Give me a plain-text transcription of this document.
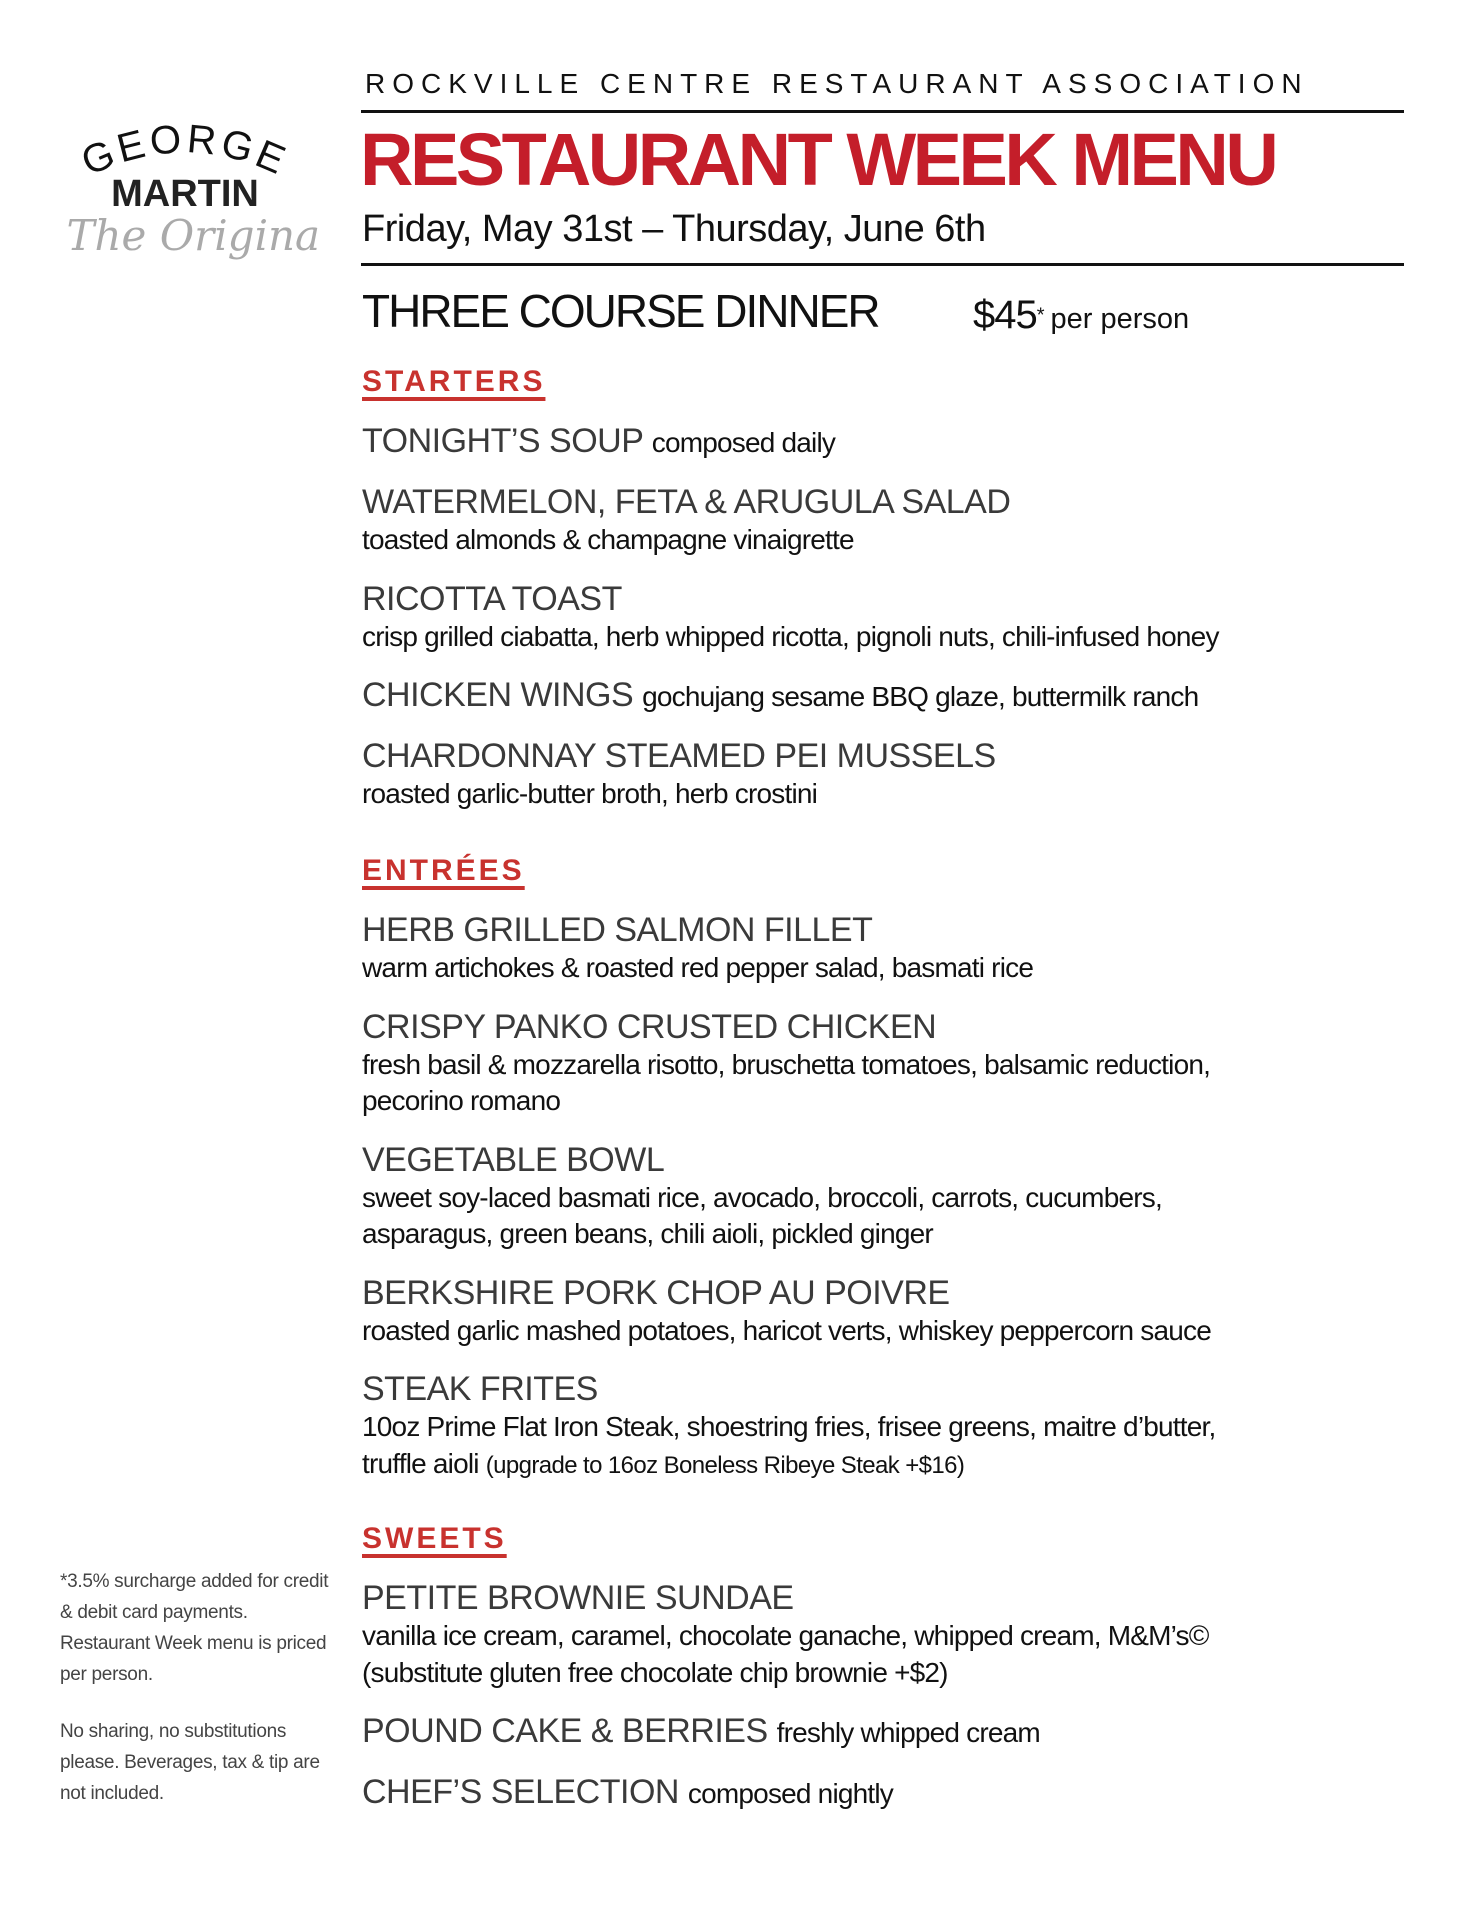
GEORGE
MARTIN
The Original
ROCKVILLE CENTRE RESTAURANT ASSOCIATION
RESTAURANT WEEK MENU
Friday, May 31st – Thursday, June 6th
THREE COURSE DINNER $45* per person
STARTERS
TONIGHT’S SOUP composed daily
WATERMELON, FETA & ARUGULA SALAD
toasted almonds & champagne vinaigrette
RICOTTA TOAST
crisp grilled ciabatta, herb whipped ricotta, pignoli nuts, chili-infused honey
CHICKEN WINGS gochujang sesame BBQ glaze, buttermilk ranch
CHARDONNAY STEAMED PEI MUSSELS
roasted garlic-butter broth, herb crostini
ENTRÉES
HERB GRILLED SALMON FILLET
warm artichokes & roasted red pepper salad, basmati rice
CRISPY PANKO CRUSTED CHICKEN
fresh basil & mozzarella risotto, bruschetta tomatoes, balsamic reduction,
pecorino romano
VEGETABLE BOWL
sweet soy-laced basmati rice, avocado, broccoli, carrots, cucumbers,
asparagus, green beans, chili aioli, pickled ginger
BERKSHIRE PORK CHOP AU POIVRE
roasted garlic mashed potatoes, haricot verts, whiskey peppercorn sauce
STEAK FRITES
10oz Prime Flat Iron Steak, shoestring fries, frisee greens, maitre d’butter,
truffle aioli (upgrade to 16oz Boneless Ribeye Steak +$16)
SWEETS
PETITE BROWNIE SUNDAE
vanilla ice cream, caramel, chocolate ganache, whipped cream, M&M’s©
(substitute gluten free chocolate chip brownie +$2)
POUND CAKE & BERRIES freshly whipped cream
CHEF’S SELECTION composed nightly

*3.5% surcharge added for credit & debit card payments. Restaurant Week menu is priced per person.

No sharing, no substitutions please. Beverages, tax & tip are not included.
